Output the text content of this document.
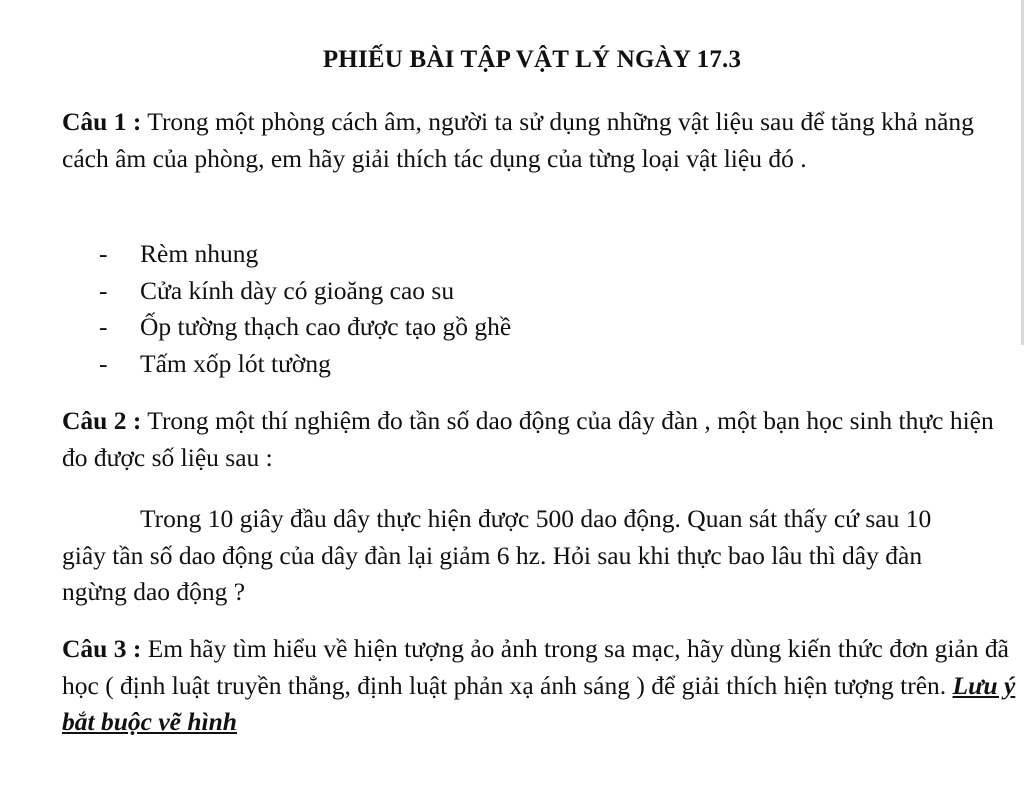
PHIẾU BÀI TẬP VẬT LÝ NGÀY 17.3

Câu 1 : Trong một phòng cách âm, người ta sử dụng những vật liệu sau để tăng khả năng cách âm của phòng, em hãy giải thích tác dụng của từng loại vật liệu đó .

- Rèm nhung
- Cửa kính dày có gioăng cao su
- Ốp tường thạch cao được tạo gồ ghề
- Tấm xốp lót tường

Câu 2 : Trong một thí nghiệm đo tần số dao động của dây đàn , một bạn học sinh thực hiện đo được số liệu sau :

Trong 10 giây đầu dây thực hiện được 500 dao động. Quan sát thấy cứ sau 10 giây tần số dao động của dây đàn lại giảm 6 hz. Hỏi sau khi thực bao lâu thì dây đàn ngừng dao động ?

Câu 3 : Em hãy tìm hiểu về hiện tượng ảo ảnh trong sa mạc, hãy dùng kiến thức đơn giản đã học ( định luật truyền thẳng, định luật phản xạ ánh sáng ) để giải thích hiện tượng trên. Lưu ý bắt buộc vẽ hình
